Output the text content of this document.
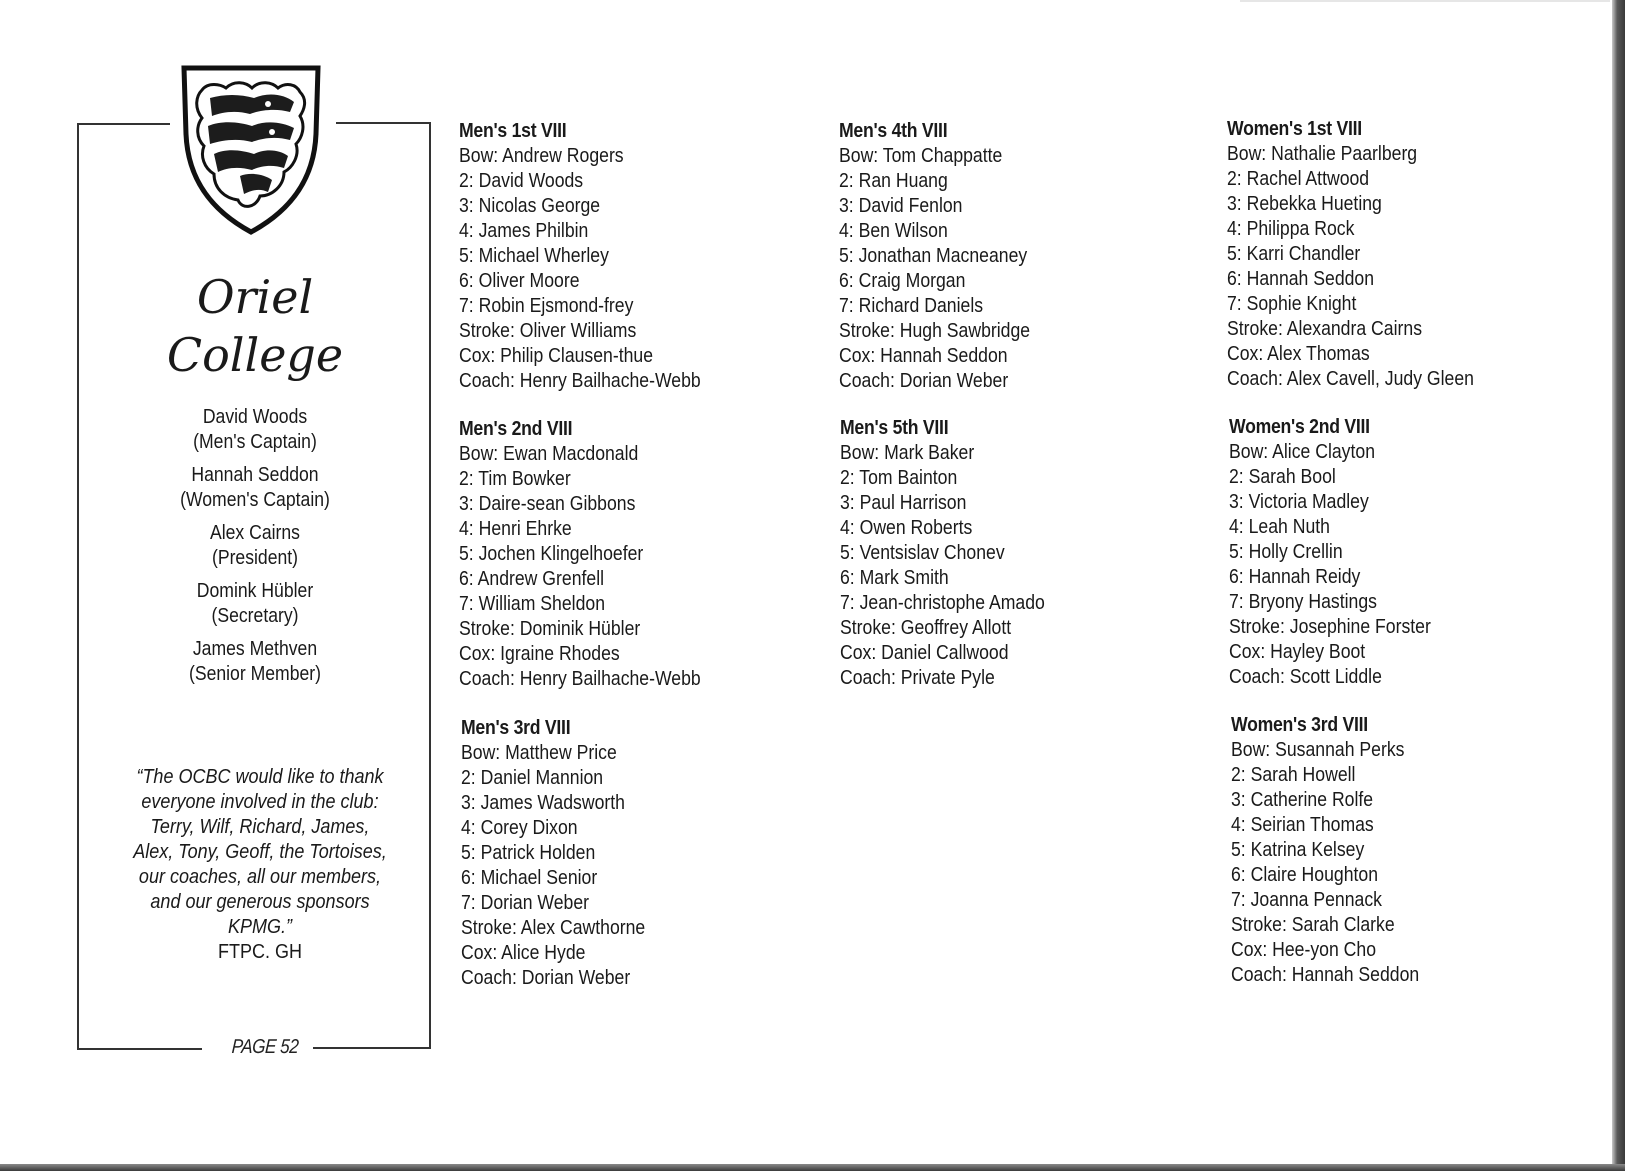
Oriel
College
David Woods
(Men's Captain)
Hannah Seddon
(Women's Captain)
Alex Cairns
(President)
Domink Hübler
(Secretary)
James Methven
(Senior Member)
“The OCBC would like to thank
everyone involved in the club:
Terry, Wilf, Richard, James,
Alex, Tony, Geoff, the Tortoises,
our coaches, all our members,
and our generous sponsors
KPMG.”
FTPC. GH
PAGE 52
Men's 1st VIII
Bow: Andrew Rogers
2: David Woods
3: Nicolas George
4: James Philbin
5: Michael Wherley
6: Oliver Moore
7: Robin Ejsmond-frey
Stroke: Oliver Williams
Cox: Philip Clausen-thue
Coach: Henry Bailhache-Webb
Men's 2nd VIII
Bow: Ewan Macdonald
2: Tim Bowker
3: Daire-sean Gibbons
4: Henri Ehrke
5: Jochen Klingelhoefer
6: Andrew Grenfell
7: William Sheldon
Stroke: Dominik Hübler
Cox: Igraine Rhodes
Coach: Henry Bailhache-Webb
Men's 3rd VIII
Bow: Matthew Price
2: Daniel Mannion
3: James Wadsworth
4: Corey Dixon
5: Patrick Holden
6: Michael Senior
7: Dorian Weber
Stroke: Alex Cawthorne
Cox: Alice Hyde
Coach: Dorian Weber
Men's 4th VIII
Bow: Tom Chappatte
2: Ran Huang
3: David Fenlon
4: Ben Wilson
5: Jonathan Macneaney
6: Craig Morgan
7: Richard Daniels
Stroke: Hugh Sawbridge
Cox: Hannah Seddon
Coach: Dorian Weber
Men's 5th VIII
Bow: Mark Baker
2: Tom Bainton
3: Paul Harrison
4: Owen Roberts
5: Ventsislav Chonev
6: Mark Smith
7: Jean-christophe Amado
Stroke: Geoffrey Allott
Cox: Daniel Callwood
Coach: Private Pyle
Women's 1st VIII
Bow: Nathalie Paarlberg
2: Rachel Attwood
3: Rebekka Hueting
4: Philippa Rock
5: Karri Chandler
6: Hannah Seddon
7: Sophie Knight
Stroke: Alexandra Cairns
Cox: Alex Thomas
Coach: Alex Cavell, Judy Gleen
Women's 2nd VIII
Bow: Alice Clayton
2: Sarah Bool
3: Victoria Madley
4: Leah Nuth
5: Holly Crellin
6: Hannah Reidy
7: Bryony Hastings
Stroke: Josephine Forster
Cox: Hayley Boot
Coach: Scott Liddle
Women's 3rd VIII
Bow: Susannah Perks
2: Sarah Howell
3: Catherine Rolfe
4: Seirian Thomas
5: Katrina Kelsey
6: Claire Houghton
7: Joanna Pennack
Stroke: Sarah Clarke
Cox: Hee-yon Cho
Coach: Hannah Seddon
